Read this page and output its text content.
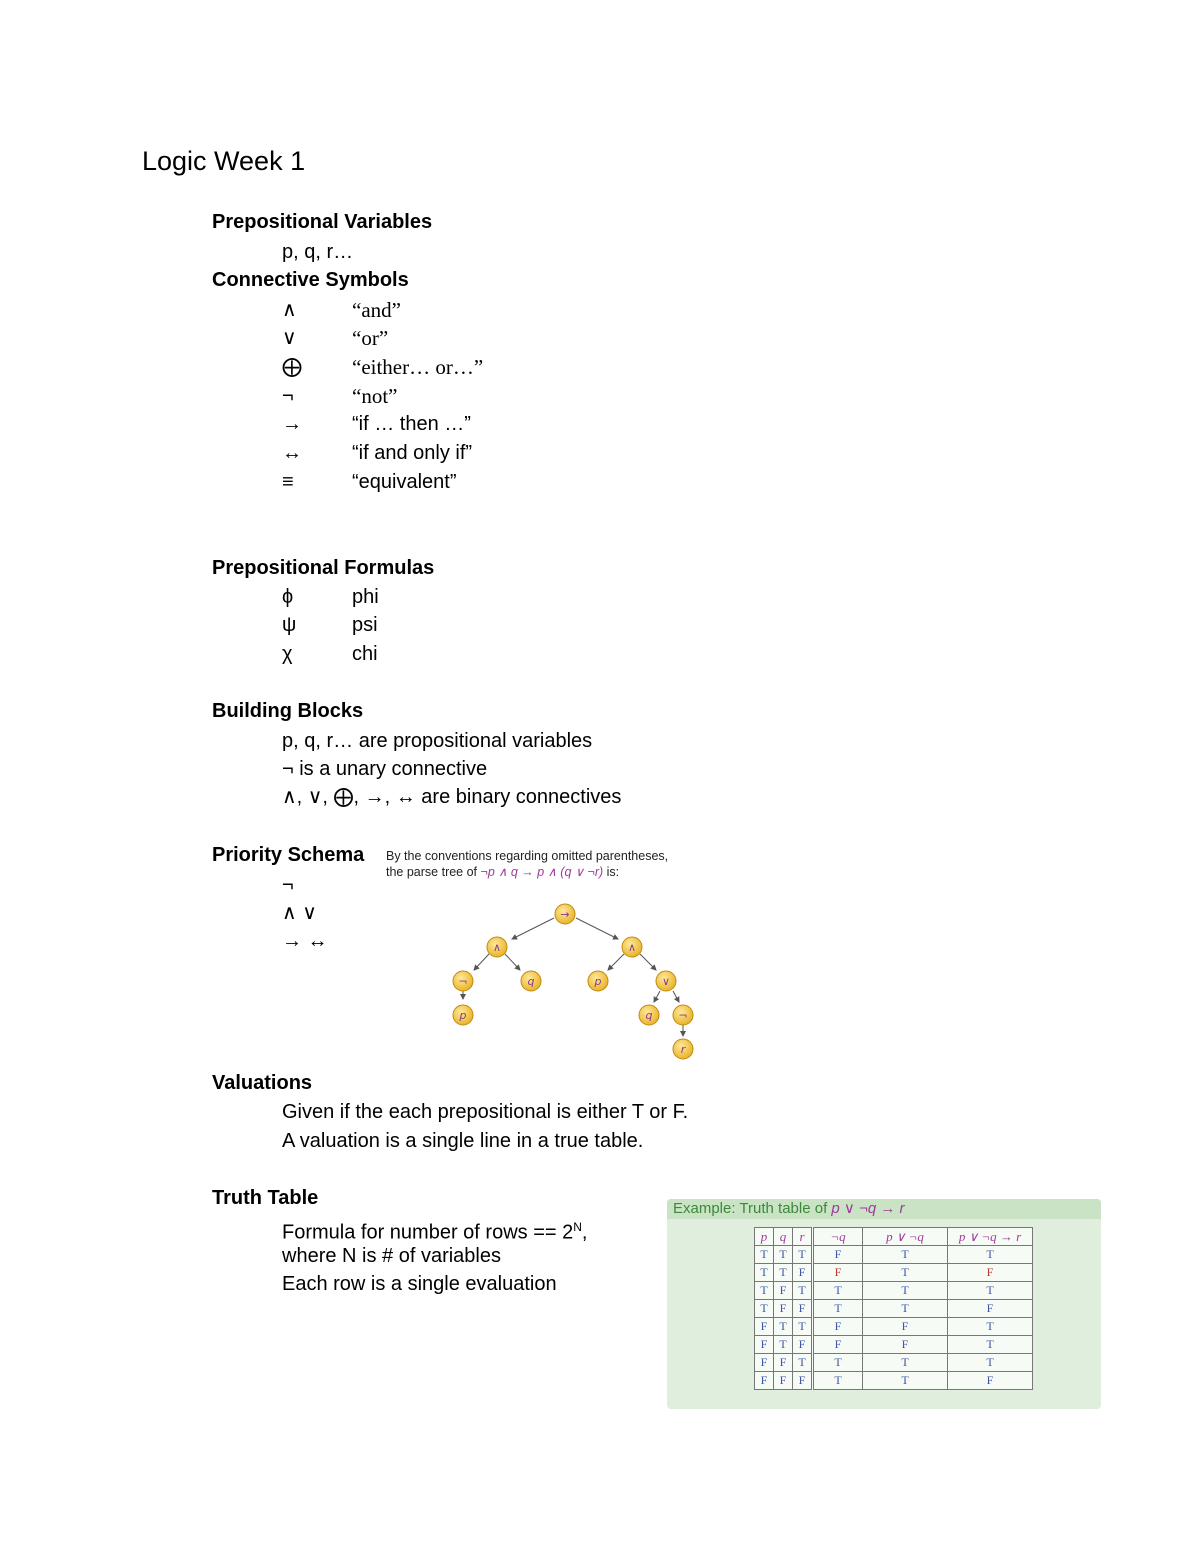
Logic Week 1
Prepositional Variables
p, q, r…
Connective Symbols
∧	“and”
∨	“or”
⨁	“either… or…”
¬	“not”
→	“if … then …”
↔	“if and only if”
≡	“equivalent”
Prepositional Formulas
ϕ	phi
ψ	psi
χ	chi
Building Blocks
p, q, r… are propositional variables
¬ is a unary connective
∧, ∨, ⨁, →, ↔ are binary connectives
Priority Schema
¬
∧ ∨
→ ↔
By the conventions regarding omitted parentheses,
the parse tree of ¬p ∧ q → p ∧ (q ∨ ¬r) is:
→
∧	∧
¬	q	p	∨
p	q ¬
r
Valuations
Given if the each prepositional is either T or F.
A valuation is a single line in a true table.
Truth Table
Formula for number of rows == $2^N$,
where N is # of variables
Each row is a single evaluation
Example: Truth table of p ∨ ¬q → r
p	q	r	¬q	p ∨ ¬q	p ∨ ¬q → r
T	T	T	F	T	T
T	T	F	F	T	F
T	F	T	T	T	T
T	F	F	T	T	F
F	T	T	F	F	T
F	T	F	F	F	T
F	F	T	T	T	T
F	F	F	T	T	F
